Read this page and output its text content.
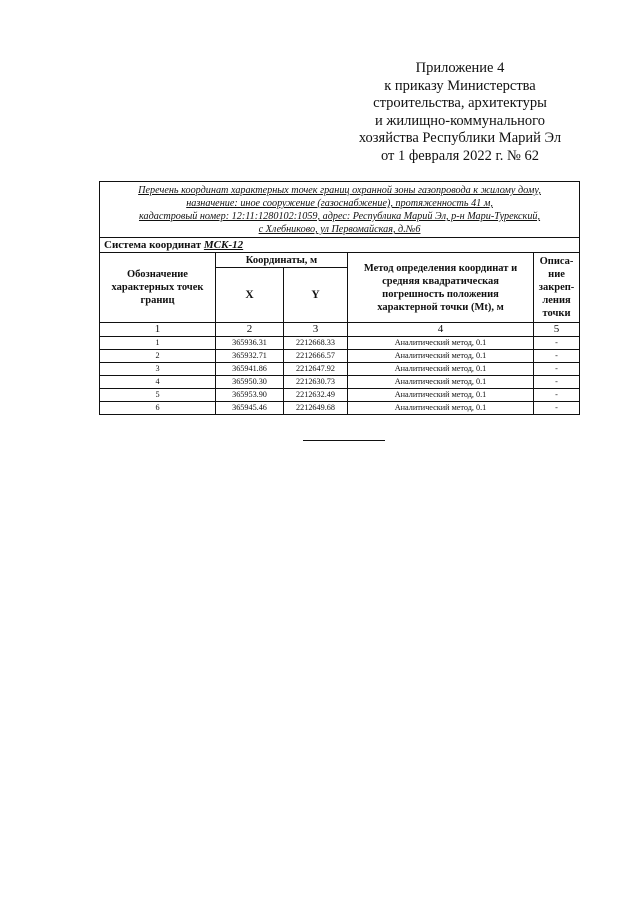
Приложение 4
к приказу Министерства
строительства, архитектуры
и жилищно-коммунального
хозяйства Республики Марий Эл
от 1 февраля 2022 г. № 62
Перечень координат характерных точек границ охранной зоны газопровода к жилому дому,
назначение: иное сооружение (газоснабжение), протяженность 41 м,
кадастровый номер: 12:11:1280102:1059, адрес: Республика Марий Эл, р-н Мари-Турекский,
с Хлебниково, ул Первомайская, д.№6				

Система координат МСК-12				
Обозначение характерных точек границ	Координаты, м		Метод определения координат и средняя квадратическая погрешность положения характерной точки (Mt), м	Описа-ние закреп-ления точки
	X	Y		
1	2	3	4	5
1	365936.31	2212668.33	Аналитический метод, 0.1	-
2	365932.71	2212666.57	Аналитический метод, 0.1	-
3	365941.86	2212647.92	Аналитический метод, 0.1	-
4	365950.30	2212630.73	Аналитический метод, 0.1	-
5	365953.90	2212632.49	Аналитический метод, 0.1	-
6	365945.46	2212649.68	Аналитический метод, 0.1	-
